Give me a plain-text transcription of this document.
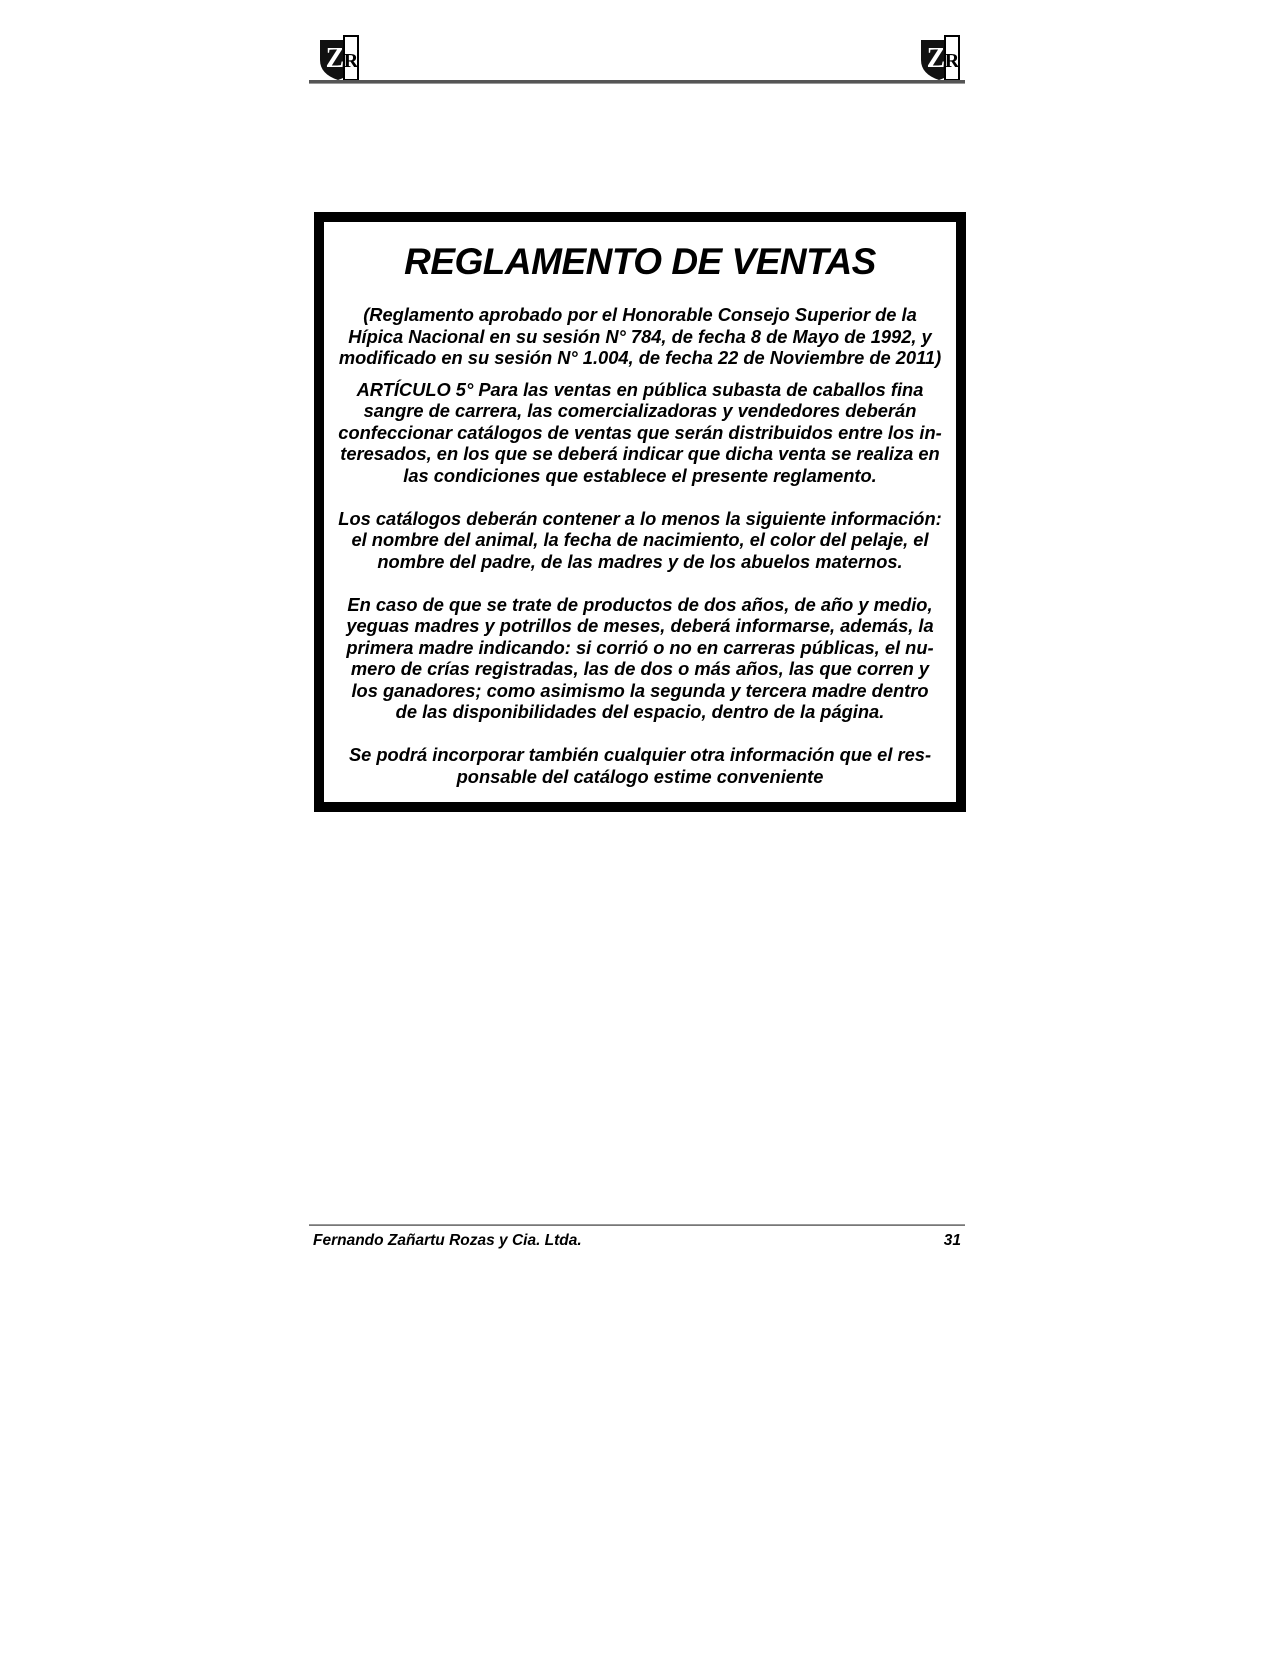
Z R	Z R
REGLAMENTO DE VENTAS
(Reglamento aprobado por el Honorable Consejo Superior de la
Hípica Nacional en su sesión N° 784, de fecha 8 de Mayo de 1992, y
modificado en su sesión N° 1.004, de fecha 22 de Noviembre de 2011)
ARTÍCULO 5° Para las ventas en pública subasta de caballos fina
sangre de carrera, las comercializadoras y vendedores deberán
confeccionar catálogos de ventas que serán distribuidos entre los in-
teresados, en los que se deberá indicar que dicha venta se realiza en
las condiciones que establece el presente reglamento.
Los catálogos deberán contener a lo menos la siguiente información:
el nombre del animal, la fecha de nacimiento, el color del pelaje, el
nombre del padre, de las madres y de los abuelos maternos.
En caso de que se trate de productos de dos años, de año y medio,
yeguas madres y potrillos de meses, deberá informarse, además, la
primera madre indicando: si corrió o no en carreras públicas, el nu-
mero de crías registradas, las de dos o más años, las que corren y
los ganadores; como asimismo la segunda y tercera madre dentro
de las disponibilidades del espacio, dentro de la página.
Se podrá incorporar también cualquier otra información que el res-
ponsable del catálogo estime conveniente
Fernando Zañartu Rozas y Cia. Ltda.	31
